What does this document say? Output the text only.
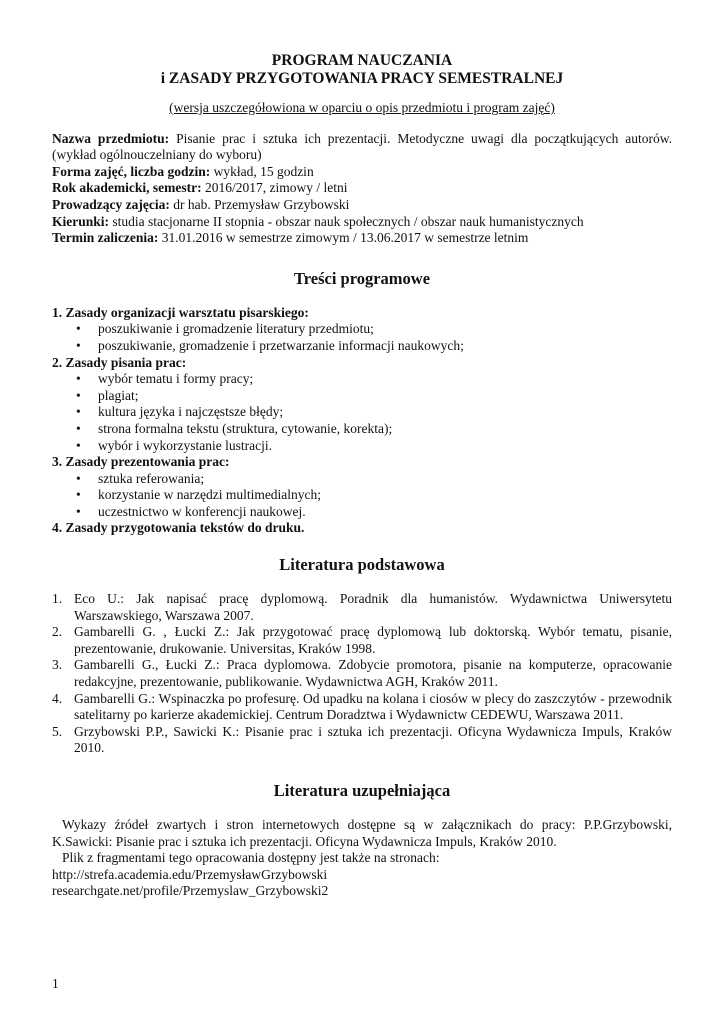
PROGRAM NAUCZANIA
i ZASADY PRZYGOTOWANIA PRACY SEMESTRALNEJ
(wersja uszczegółowiona w oparciu o opis przedmiotu i program zajęć)
Nazwa przedmiotu: Pisanie prac i sztuka ich prezentacji. Metodyczne uwagi dla początkujących autorów. (wykład ogólnouczelniany do wyboru)
Forma zajęć, liczba godzin: wykład, 15 godzin
Rok akademicki, semestr: 2016/2017, zimowy / letni
Prowadzący zajęcia: dr hab. Przemysław Grzybowski
Kierunki: studia stacjonarne II stopnia - obszar nauk społecznych / obszar nauk humanistycznych
Termin zaliczenia: 31.01.2016 w semestrze zimowym / 13.06.2017 w semestrze letnim
Treści programowe
1. Zasady organizacji warsztatu pisarskiego:
• poszukiwanie i gromadzenie literatury przedmiotu;
• poszukiwanie, gromadzenie i przetwarzanie informacji naukowych;
2. Zasady pisania prac:
• wybór tematu i formy pracy;
• plagiat;
• kultura języka i najczęstsze błędy;
• strona formalna tekstu (struktura, cytowanie, korekta);
• wybór i wykorzystanie lustracji.
3. Zasady prezentowania prac:
• sztuka referowania;
• korzystanie w narzędzi multimedialnych;
• uczestnictwo w konferencji naukowej.
4. Zasady przygotowania tekstów do druku.
Literatura podstawowa
1. Eco U.: Jak napisać pracę dyplomową. Poradnik dla humanistów. Wydawnictwa Uniwersytetu Warszawskiego, Warszawa 2007.
2. Gambarelli G. , Łucki Z.: Jak przygotować pracę dyplomową lub doktorską. Wybór tematu, pisanie, prezentowanie, drukowanie. Universitas, Kraków 1998.
3. Gambarelli G., Łucki Z.: Praca dyplomowa. Zdobycie promotora, pisanie na komputerze, opracowanie redakcyjne, prezentowanie, publikowanie. Wydawnictwa AGH, Kraków 2011.
4. Gambarelli G.: Wspinaczka po profesurę. Od upadku na kolana i ciosów w plecy do zaszczytów - przewodnik satelitarny po karierze akademickiej. Centrum Doradztwa i Wydawnictw CEDEWU, Warszawa 2011.
5. Grzybowski P.P., Sawicki K.: Pisanie prac i sztuka ich prezentacji. Oficyna Wydawnicza Impuls, Kraków 2010.
Literatura uzupełniająca
Wykazy źródeł zwartych i stron internetowych dostępne są w załącznikach do pracy: P.P.Grzybowski, K.Sawicki: Pisanie prac i sztuka ich prezentacji. Oficyna Wydawnicza Impuls, Kraków 2010.
Plik z fragmentami tego opracowania dostępny jest także na stronach:
http://strefa.academia.edu/PrzemysławGrzybowski
researchgate.net/profile/Przemyslaw_Grzybowski2
1
